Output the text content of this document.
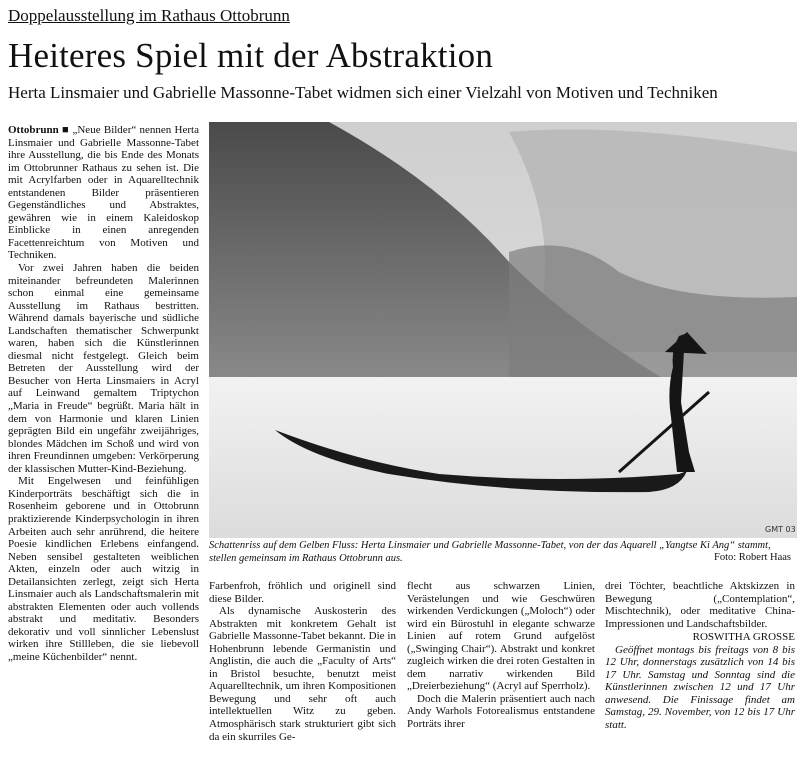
Doppelausstellung im Rathaus Ottobrunn
Heiteres Spiel mit der Abstraktion
Herta Linsmaier und Gabrielle Massonne-Tabet widmen sich einer Vielzahl von Motiven und Techniken

Ottobrunn ■ „Neue Bilder“ nennen Herta Linsmaier und Gabrielle Massonne-Tabet ihre Ausstellung, die bis Ende des Monats im Ottobrunner Rathaus zu sehen ist. Die mit Acrylfarben oder in Aquarelltechnik entstandenen Bilder präsentieren Gegenständliches und Abstraktes, gewähren wie in einem Kaleidoskop Einblicke in einen anregenden Facettenreichtum von Motiven und Techniken.

Vor zwei Jahren haben die beiden miteinander befreundeten Malerinnen schon einmal eine gemeinsame Ausstellung im Rathaus bestritten. Während damals bayerische und südliche Landschaften thematischer Schwerpunkt waren, haben sich die Künstlerinnen diesmal nicht festgelegt. Gleich beim Betreten der Ausstellung wird der Besucher von Herta Linsmaiers in Acryl auf Leinwand gemaltem Triptychon „Maria in Freude“ begrüßt. Maria hält in dem von Harmonie und klaren Linien geprägten Bild ein ungefähr zweijähriges, blondes Mädchen im Schoß und wird von ihren Freundinnen umgeben: Verkörperung der klassischen Mutter-Kind-Beziehung.

Mit Engelwesen und feinfühligen Kinderporträts beschäftigt sich die in Rosenheim geborene und in Ottobrunn praktizierende Kinderpsychologin in ihren Arbeiten auch sehr anrührend, die heitere Poesie kindlichen Erlebens einfangend. Neben sensibel gestalteten weiblichen Akten, einzeln oder auch witzig in Detailansichten zerlegt, zeigt sich Herta Linsmaier auch als Landschaftsmalerin mit abstrakten Elementen oder auch vollends abstrakt und meditativ. Besonders dekorativ und voll sinnlicher Lebenslust wirken ihre Stillleben, die sie liebevoll „meine Küchenbilder“ nennt.

GMT 03
Schattenriss auf dem Gelben Fluss: Herta Linsmaier und Gabrielle Massonne-Tabet, von der das Aquarell „Yangtse Ki Ang“ stammt, stellen gemeinsam im Rathaus Ottobrunn aus.	Foto: Robert Haas

Farbenfroh, fröhlich und originell sind diese Bilder.

Als dynamische Auskosterin des Abstrakten mit konkretem Gehalt ist Gabrielle Massonne-Tabet bekannt. Die in Hohenbrunn lebende Germanistin und Anglistin, die auch die „Faculty of Arts“ in Bristol besuchte, benutzt meist Aquarelltechnik, um ihren Kompositionen Bewegung und sehr oft auch intellektuellen Witz zu geben. Atmosphärisch stark strukturiert gibt sich da ein skurriles Ge-

flecht aus schwarzen Linien, Verästelungen und wie Geschwüren wirkenden Verdickungen („Moloch“) oder wird ein Bürostuhl in elegante schwarze Linien auf rotem Grund aufgelöst („Swinging Chair“). Abstrakt und konkret zugleich wirken die drei roten Gestalten in dem narrativ wirkenden Bild „Dreierbeziehung“ (Acryl auf Sperrholz).

Doch die Malerin präsentiert auch nach Andy Warhols Fotorealismus entstandene Porträts ihrer

drei Töchter, beachtliche Aktskizzen in Bewegung („Contemplation“, Mischtechnik), oder meditative China-Impressionen und Landschaftsbilder.

ROSWITHA GROSSE

Geöffnet montags bis freitags von 8 bis 12 Uhr, donnerstags zusätzlich von 14 bis 17 Uhr. Samstag und Sonntag sind die Künstlerinnen zwischen 12 und 17 Uhr anwesend. Die Finissage findet am Samstag, 29. November, von 12 bis 17 Uhr statt.
